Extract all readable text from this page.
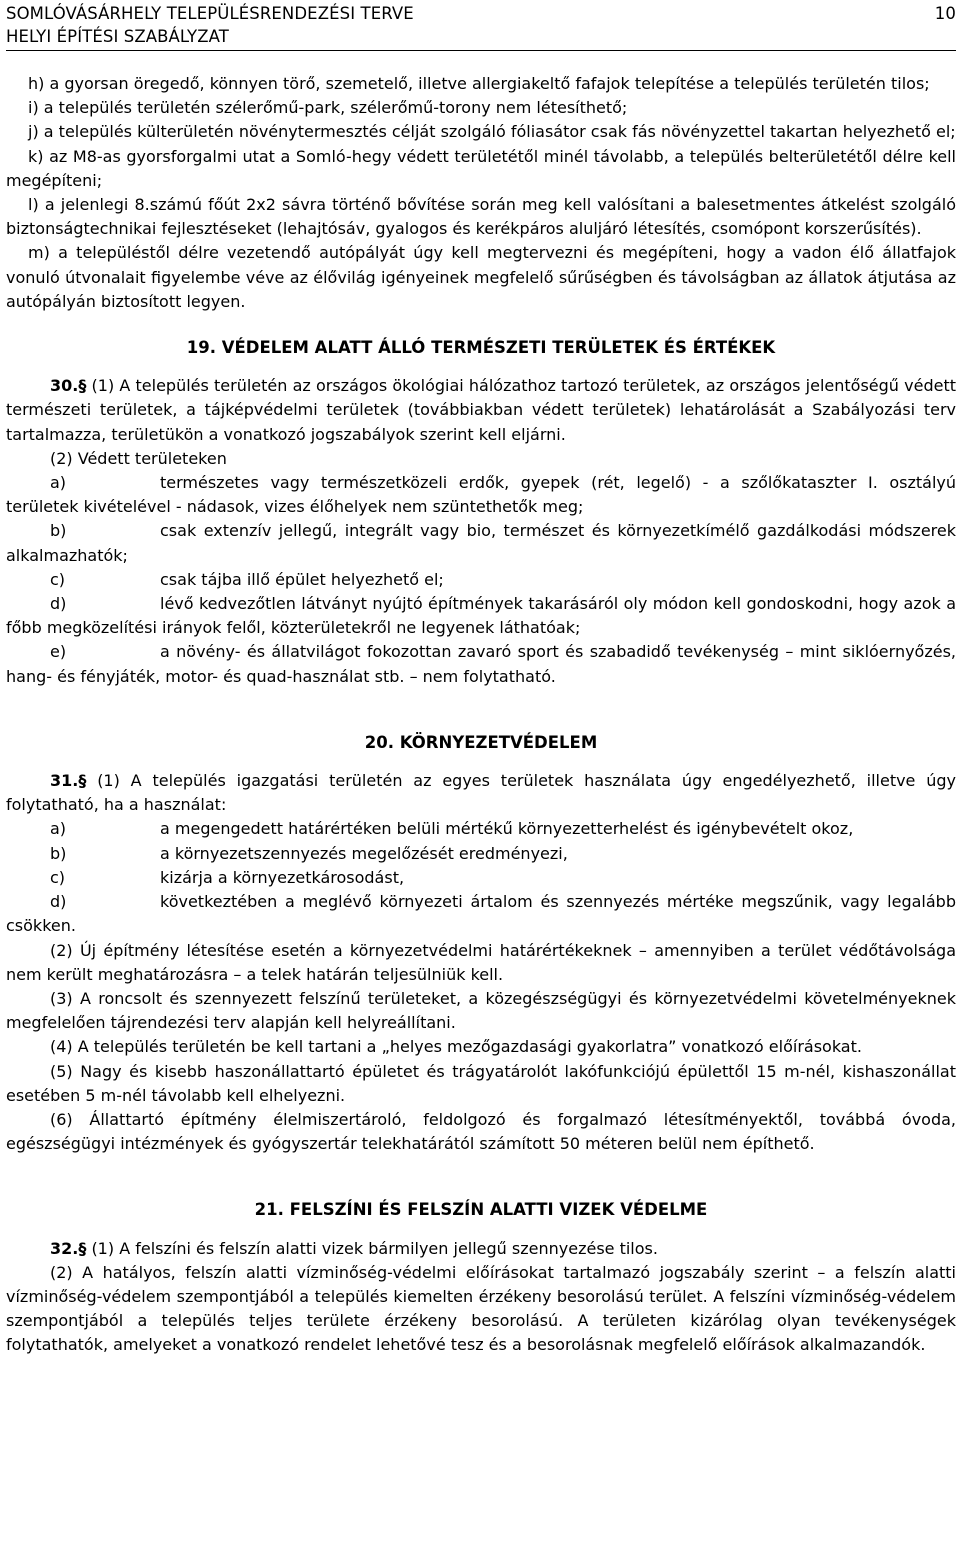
SOMLÓVÁSÁRHELY TELEPÜLÉSRENDEZÉSI TERVE	10
HELYI ÉPÍTÉSI SZABÁLYZAT

h) a gyorsan öregedő, könnyen törő, szemetelő, illetve allergiakeltő fafajok telepítése a település területén tilos;

i) a település területén szélerőmű-park, szélerőmű-torony nem létesíthető;

j) a település külterületén növénytermesztés célját szolgáló fóliasátor csak fás növényzettel takartan helyezhető el;

k) az M8-as gyorsforgalmi utat a Somló-hegy védett területétől minél távolabb, a település belterületétől délre kell megépíteni;

l) a jelenlegi 8.számú főút 2x2 sávra történő bővítése során meg kell valósítani a balesetmentes átkelést szolgáló biztonságtechnikai fejlesztéseket (lehajtósáv, gyalogos és kerékpáros aluljáró létesítés, csomópont korszerűsítés).

m) a településtől délre vezetendő autópályát úgy kell megtervezni és megépíteni, hogy a vadon élő állatfajok vonuló útvonalait figyelembe véve az élővilág igényeinek megfelelő sűrűségben és távolságban az állatok átjutása az autópályán biztosított legyen.

19. VÉDELEM ALATT ÁLLÓ TERMÉSZETI TERÜLETEK ÉS ÉRTÉKEK

30.§ (1) A település területén az országos ökológiai hálózathoz tartozó területek, az országos jelentőségű védett természeti területek, a tájképvédelmi területek (továbbiakban védett területek) lehatárolását a Szabályozási terv tartalmazza, területükön a vonatkozó jogszabályok szerint kell eljárni.

(2) Védett területeken

a)	természetes vagy természetközeli erdők, gyepek (rét, legelő) - a szőlőkataszter I. osztályú területek kivételével - nádasok, vizes élőhelyek nem szüntethetők meg;

b)	csak extenzív jellegű, integrált vagy bio, természet és környezetkímélő gazdálkodási módszerek alkalmazhatók;

c)	csak tájba illő épület helyezhető el;

d)	lévő kedvezőtlen látványt nyújtó építmények takarásáról oly módon kell gondoskodni, hogy azok a főbb megközelítési irányok felől, közterületekről ne legyenek láthatóak;

e)	a növény- és állatvilágot fokozottan zavaró sport és szabadidő tevékenység – mint siklóernyőzés, hang- és fényjáték, motor- és quad-használat stb. – nem folytatható.

20. KÖRNYEZETVÉDELEM

31.§ (1) A település igazgatási területén az egyes területek használata úgy engedélyezhető, illetve úgy folytatható, ha a használat:

a)	a megengedett határértéken belüli mértékű környezetterhelést és igénybevételt okoz,

b)	a környezetszennyezés megelőzését eredményezi,

c)	kizárja a környezetkárosodást,

d)	következtében a meglévő környezeti ártalom és szennyezés mértéke megszűnik, vagy legalább csökken.

(2) Új építmény létesítése esetén a környezetvédelmi határértékeknek – amennyiben a terület védőtávolsága nem került meghatározásra – a telek határán teljesülniük kell.

(3) A roncsolt és szennyezett felszínű területeket, a közegészségügyi és környezetvédelmi követelményeknek megfelelően tájrendezési terv alapján kell helyreállítani.

(4) A település területén be kell tartani a „helyes mezőgazdasági gyakorlatra” vonatkozó előírásokat.

(5) Nagy és kisebb haszonállattartó épületet és trágyatárolót lakófunkciójú épülettől 15 m-nél, kishaszonállat esetében 5 m-nél távolabb kell elhelyezni.

(6) Állattartó építmény élelmiszertároló, feldolgozó és forgalmazó létesítményektől, továbbá óvoda, egészségügyi intézmények és gyógyszertár telekhatárától számított 50 méteren belül nem építhető.

21. FELSZÍNI ÉS FELSZÍN ALATTI VIZEK VÉDELME

32.§ (1) A felszíni és felszín alatti vizek bármilyen jellegű szennyezése tilos.

(2) A hatályos, felszín alatti vízminőség-védelmi előírásokat tartalmazó jogszabály szerint – a felszín alatti vízminőség-védelem szempontjából a település kiemelten érzékeny besorolású terület. A felszíni vízminőség-védelem szempontjából a település teljes területe érzékeny besorolású. A területen kizárólag olyan tevékenységek folytathatók, amelyeket a vonatkozó rendelet lehetővé tesz és a besorolásnak megfelelő előírások alkalmazandók.
